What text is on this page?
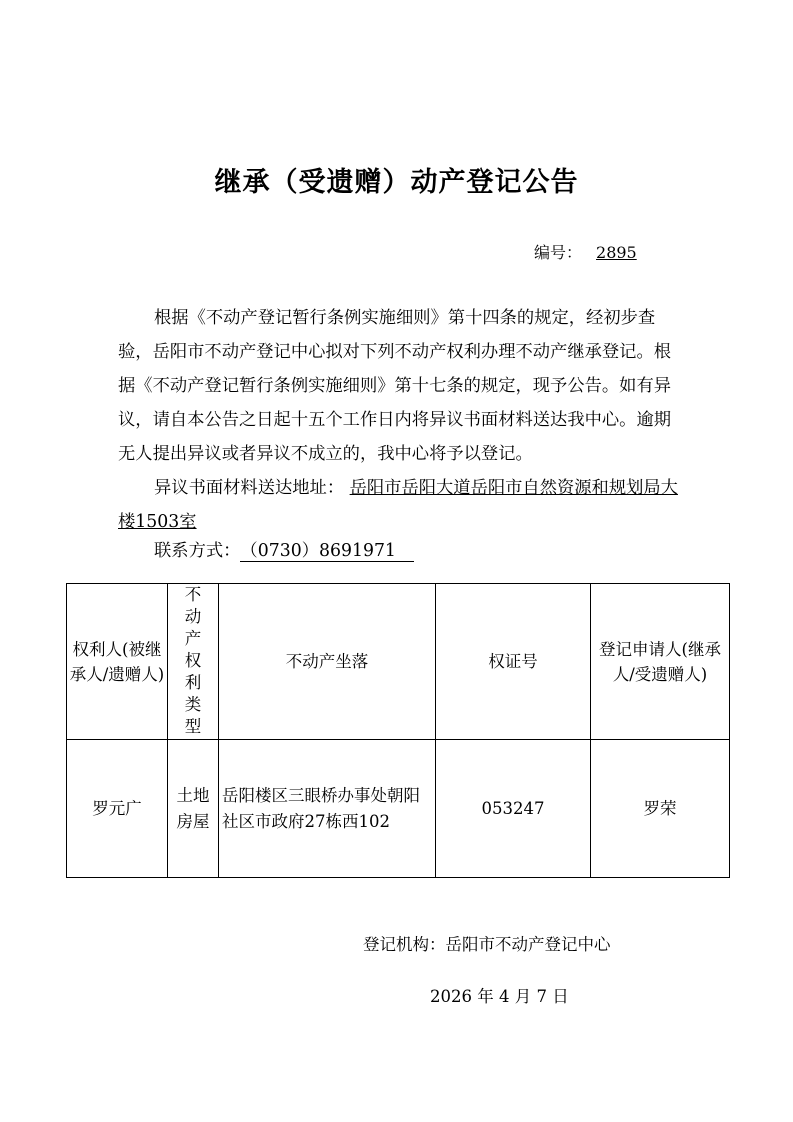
继承（受遗赠）动产登记公告
编号： 2895

根据《不动产登记暂行条例实施细则》第十四条的规定，经初步查验，岳阳市不动产登记中心拟对下列不动产权利办理不动产继承登记。根据《不动产登记暂行条例实施细则》第十七条的规定，现予公告。如有异议，请自本公告之日起十五个工作日内将异议书面材料送达我中心。逾期无人提出异议或者异议不成立的，我中心将予以登记。

异议书面材料送达地址： 岳阳市岳阳大道岳阳市自然资源和规划局大楼1503室

联系方式：（0730）8691971
权利人(被继承人/遗赠人)	不动产权利类型	不动产坐落	权证号	登记申请人(继承人/受遗赠人)
罗元广	土地房屋	岳阳楼区三眼桥办事处朝阳社区市政府27栋西102	053247	罗荣
登记机构：岳阳市不动产登记中心
2026 年 4 月 7 日
